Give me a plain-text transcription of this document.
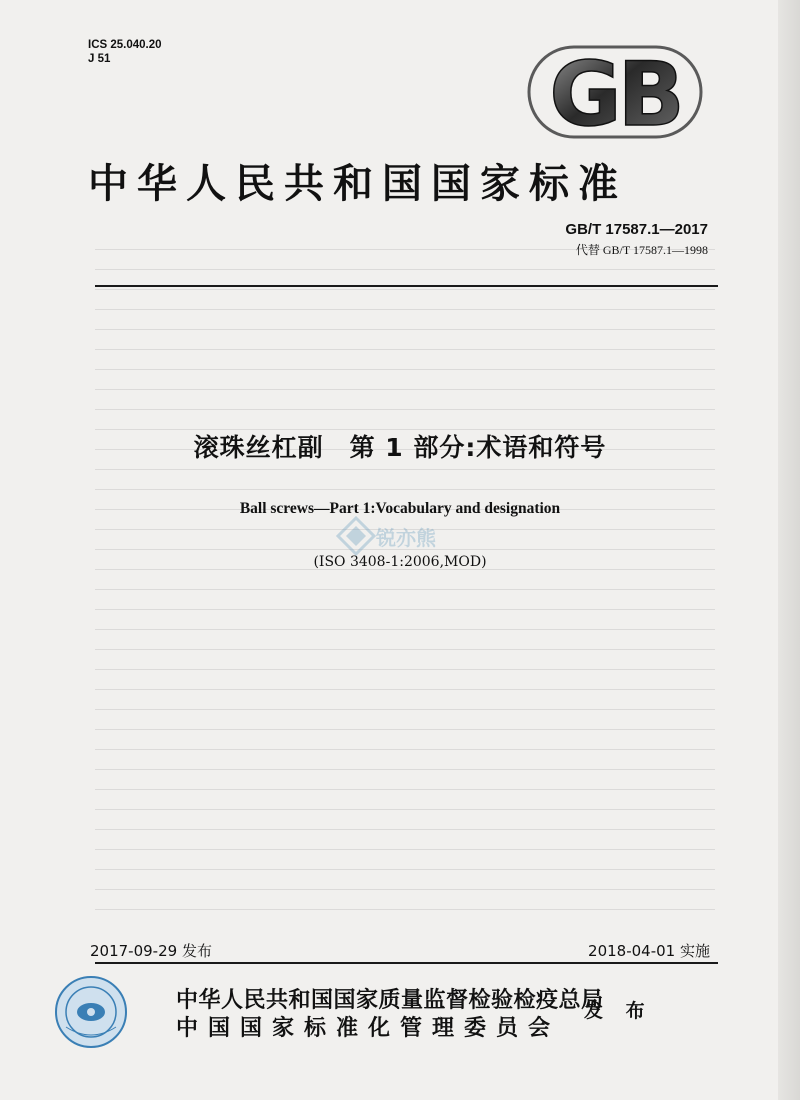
ICS 25.040.20
J 51	GB
中华人民共和国国家标准
GB/T 17587.1—2017
代替 GB/T 17587.1—1998
滚珠丝杠副　第 1 部分:术语和符号
Ball screws—Part 1:Vocabulary and designation
锐亦熊
(ISO 3408-1:2006,MOD)
2017-09-29 发布	2018-04-01 实施
中华人民共和国国家质量监督检验检疫总局
中国国家标准化管理委员会
发 布
